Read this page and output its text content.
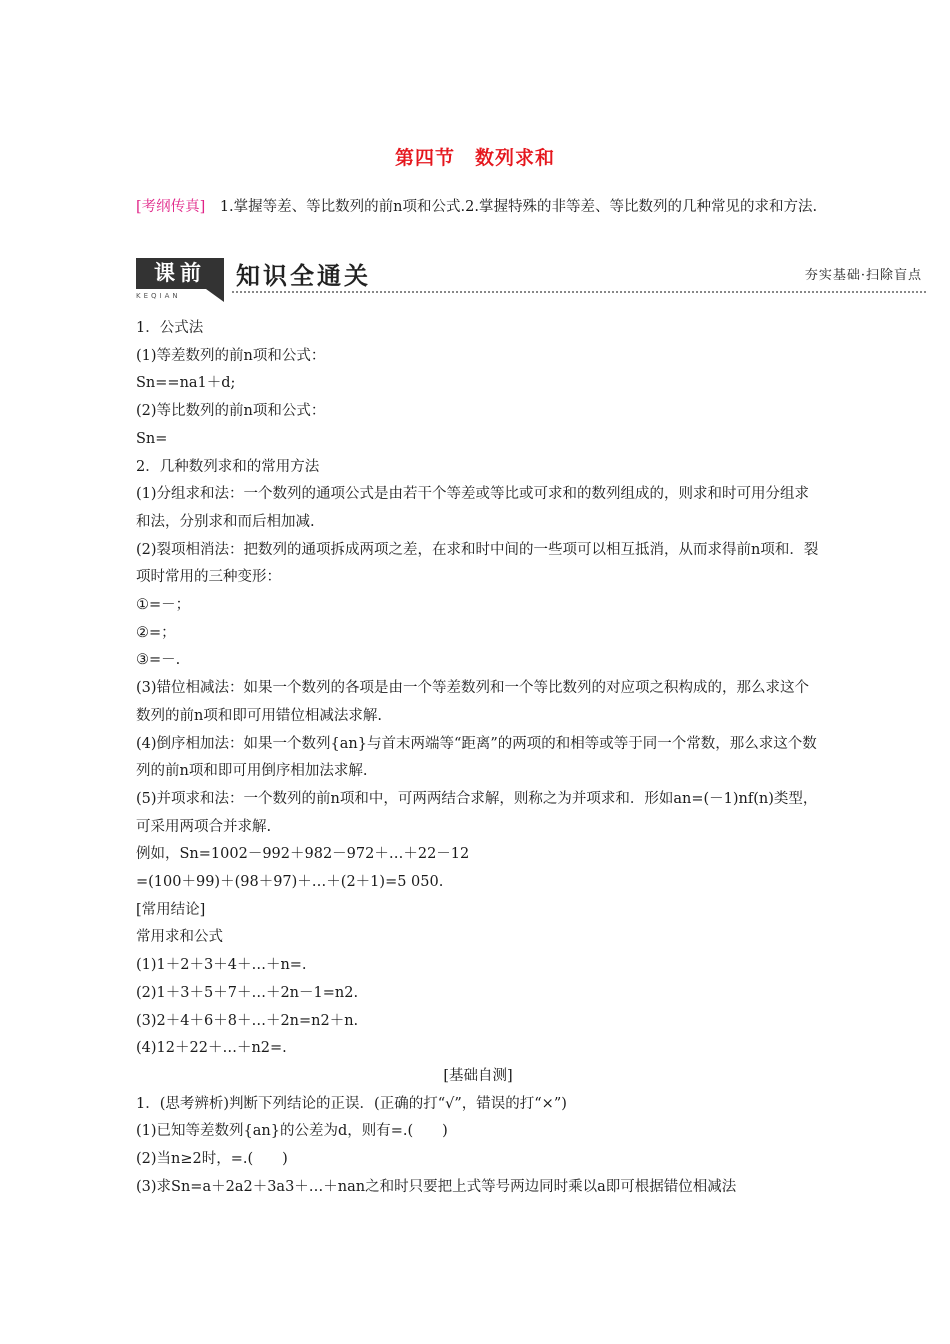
第四节　数列求和
[考纲传真]　1.掌握等差、等比数列的前n项和公式.2.掌握特殊的非等差、等比数列的几种常见的求和方法.
课前
KEQIAN
知识全通关	夯实基础·扫除盲点

1．公式法

(1)等差数列的前n项和公式：

Sn==na1＋d;

(2)等比数列的前n项和公式：

Sn=

2．几种数列求和的常用方法

(1)分组求和法：一个数列的通项公式是由若干个等差或等比或可求和的数列组成的，则求和时可用分组求和法，分别求和而后相加减.

(2)裂项相消法：把数列的通项拆成两项之差，在求和时中间的一些项可以相互抵消，从而求得前n项和．裂项时常用的三种变形：

①=－；

②=；

③=－.

(3)错位相减法：如果一个数列的各项是由一个等差数列和一个等比数列的对应项之积构成的，那么求这个数列的前n项和即可用错位相减法求解.

(4)倒序相加法：如果一个数列{an}与首末两端等“距离”的两项的和相等或等于同一个常数，那么求这个数列的前n项和即可用倒序相加法求解.

(5)并项求和法：一个数列的前n项和中，可两两结合求解，则称之为并项求和．形如an=(－1)nf(n)类型，可采用两项合并求解.

例如，Sn=1002－992＋982－972＋…＋22－12

=(100＋99)＋(98＋97)＋…＋(2＋1)=5 050.

[常用结论]

常用求和公式

(1)1＋2＋3＋4＋…＋n=.

(2)1＋3＋5＋7＋…＋2n－1=n2.

(3)2＋4＋6＋8＋…＋2n=n2＋n.

(4)12＋22＋…＋n2=.

[基础自测]

1．(思考辨析)判断下列结论的正误．(正确的打“√”，错误的打“×”)

(1)已知等差数列{an}的公差为d，则有=.(　　)

(2)当n≥2时，=.(　　)

(3)求Sn=a＋2a2＋3a3＋…＋nan之和时只要把上式等号两边同时乘以a即可根据错位相减法
